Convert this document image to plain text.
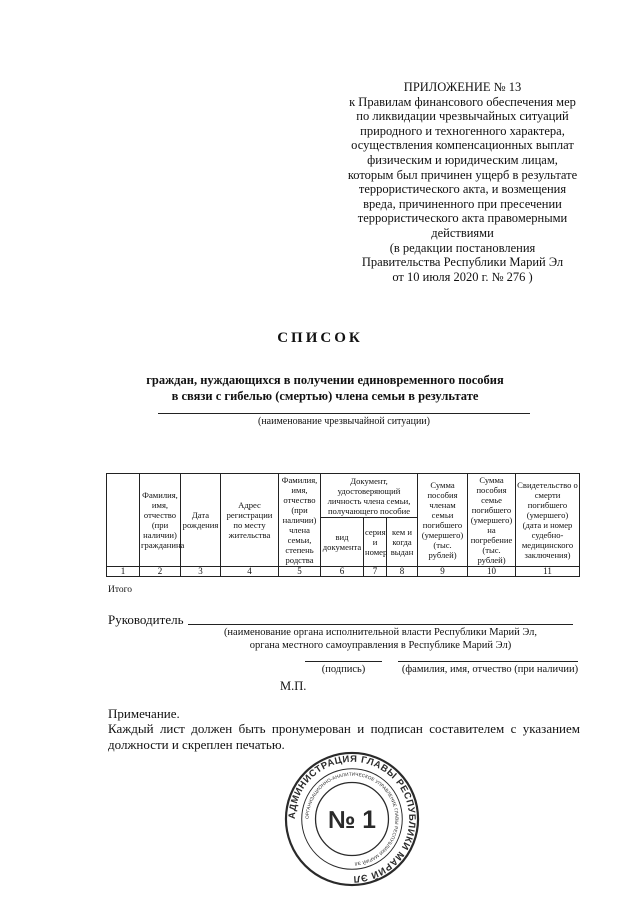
ПРИЛОЖЕНИЕ № 13
к Правилам финансового обеспечения мер
по ликвидации чрезвычайных ситуаций
природного и техногенного характера,
осуществления компенсационных выплат
физическим и юридическим лицам,
которым был причинен ущерб в результате
террористического акта, и возмещения
вреда, причиненного при пресечении
террористического акта правомерными
действиями
(в редакции постановления
Правительства Республики Марий Эл
от 10 июля 2020 г. № 276 )
СПИСОК
граждан, нуждающихся в получении единовременного пособия
в связи с гибелью (смертью) члена семьи в результате
(наименование чрезвычайной ситуации)
	Фамилия, имя, отчество (при наличии) гражданина	Дата рождения	Адрес регистрации по месту жительства	Фамилия, имя, отчество (при наличии) члена семьи, степень родства	Документ, удостоверяющий личность члена семьи, получающего пособие			Сумма пособия членам семьи погибшего (умершего) (тыс. рублей)	Сумма пособия семье погибшего (умершего) на погребение (тыс. рублей)	Свидетельство о смерти погибшего (умершего) (дата и номер судебно-медицинского заключения)
					вид документа	серия и номер	кем и когда выдан			
1	2	3	4	5	6	7	8	9	10	11
Итого
Руководитель
(наименование органа исполнительной власти Республики Марий Эл,
органа местного самоуправления в Республике Марий Эл)
(подпись)	(фамилия, имя, отчество (при наличии)
М.П.
Примечание.
Каждый лист должен быть пронумерован и подписан составителем с указанием должности и скреплен печатью.
АДМИНИСТРАЦИЯ ГЛАВЫ РЕСПУБЛИКИ МАРИЙ ЭЛ
ОРГАНИЗАЦИОННО-АНАЛИТИЧЕСКОЕ УПРАВЛЕНИЕ ГЛАВЫ РЕСПУБЛИКИ МАРИЙ ЭЛ
№ 1
